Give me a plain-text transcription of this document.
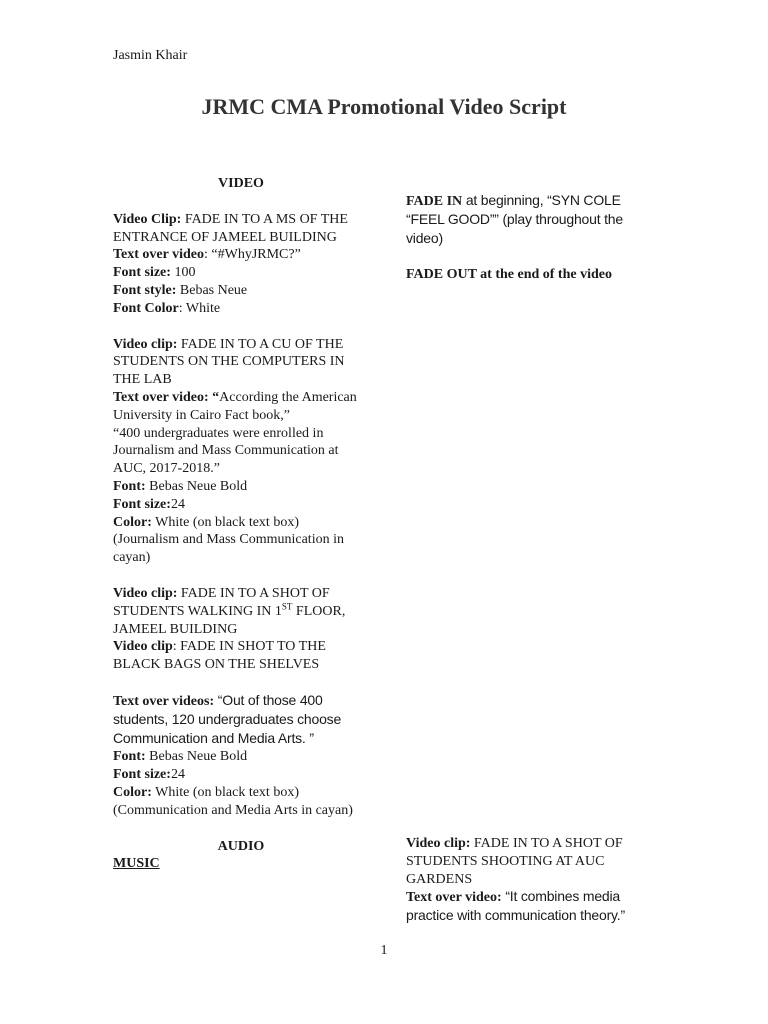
Jasmin Khair
JRMC CMA Promotional Video Script
VIDEO
Video Clip: FADE IN TO A MS OF THE ENTRANCE OF JAMEEL BUILDING
Text over video: “#WhyJRMC?”
Font size: 100
Font style: Bebas Neue
Font Color: White
Video clip: FADE IN TO A CU OF THE STUDENTS ON THE COMPUTERS IN THE LAB
Text over video: “According the American University in Cairo Fact book,”
“400 undergraduates were enrolled in Journalism and Mass Communication at AUC, 2017-2018.”
Font: Bebas Neue Bold
Font size:24
Color: White (on black text box)
(Journalism and Mass Communication in cayan)
Video clip: FADE IN TO A SHOT OF STUDENTS WALKING IN 1ST FLOOR, JAMEEL BUILDING
Video clip: FADE IN SHOT TO THE BLACK BAGS ON THE SHELVES
Text over videos: “Out of those 400 students, 120 undergraduates choose Communication and Media Arts. ”
Font: Bebas Neue Bold
Font size:24
Color: White (on black text box)
(Communication and Media Arts in cayan)
AUDIO
MUSIC
FADE IN at beginning, “SYN COLE “FEEL GOOD”” (play throughout the video)
FADE OUT at the end of the video
Video clip: FADE IN TO A SHOT OF STUDENTS SHOOTING AT AUC GARDENS
Text over video: “It combines media practice with communication theory.”
1
